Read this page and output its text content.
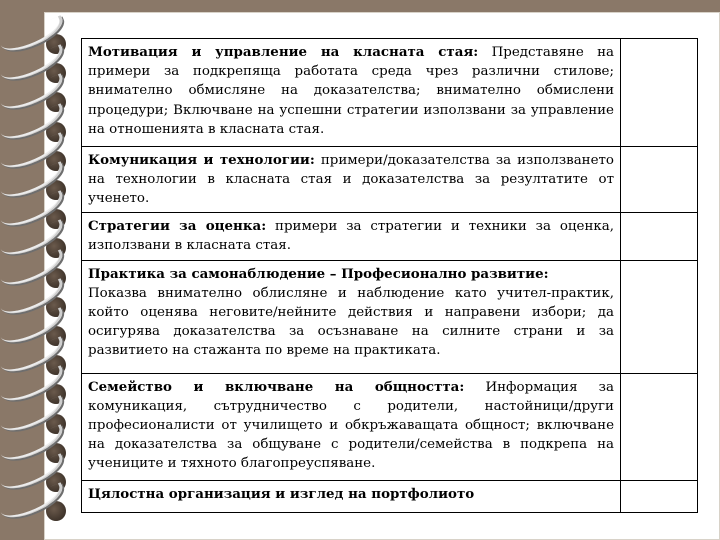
Мотивация и управление на класната стая: Представяне на примери за подкрепяща работата среда чрез различни стилове; внимателно обмисляне на доказателства; внимателно обмислени процедури; Включване на успешни стратегии използвани за управление на отношенията в класната стая.	
Комуникация и технологии: примери/доказателства за използването на технологии в класната стая и доказателства за резултатите от ученето.	
Стратегии за оценка: примери за стратегии и техники за оценка, използвани в класната стая.	

Практика за самонаблюдение – Професионално развитие:
Показва внимателно облисляне и наблюдение като учител-практик, който оценява неговите/нейните действия и направени избори; да осигурява доказателства за осъзнаване на силните страни и за развитието на стажанта по време на практиката.	
Семейство и включване на общността: Информация за комуникация, сътрудничество с родители, настойници/други професионалисти от училището и обкръжаващата общност; включване на доказателства за общуване с родители/семейства в подкрепа на учениците и тяхното благопреуспяване.	
Цялостна организация и изглед на портфолиото	
